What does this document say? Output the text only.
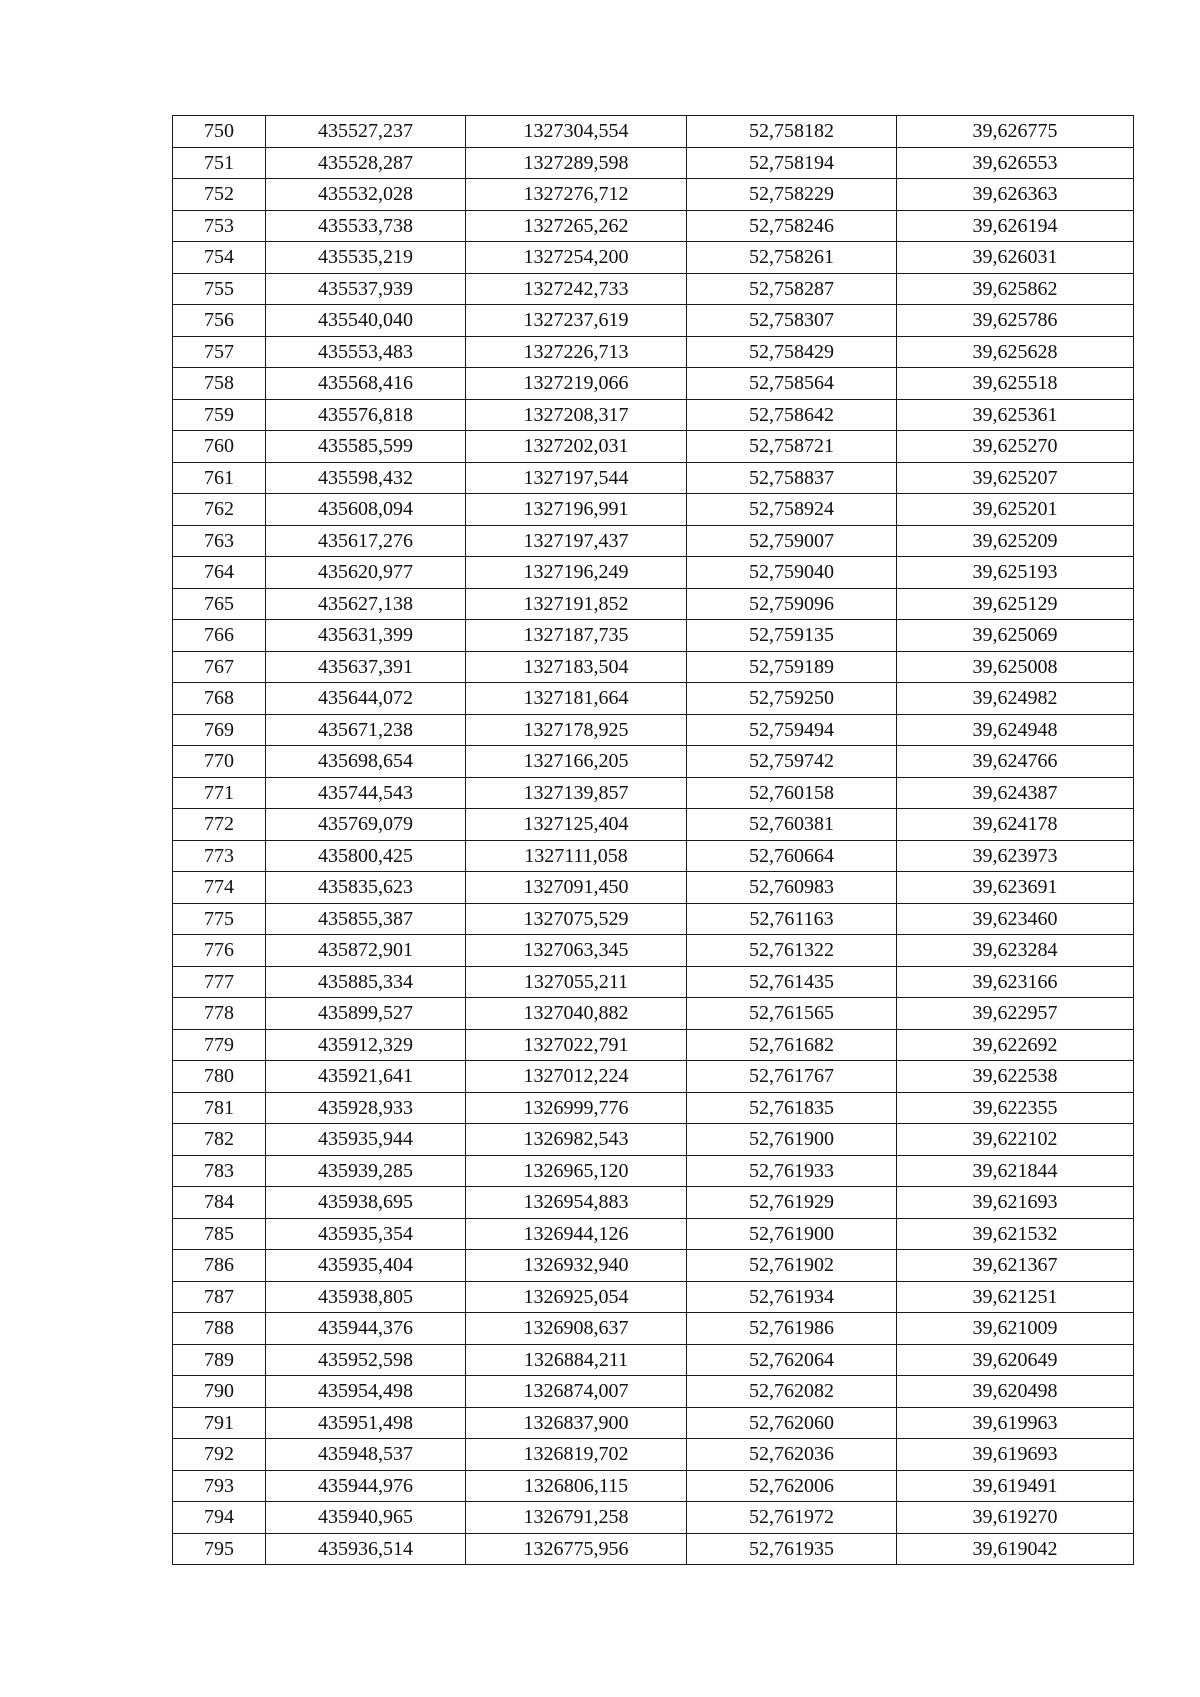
750	435527,237	1327304,554	52,758182	39,626775
751	435528,287	1327289,598	52,758194	39,626553
752	435532,028	1327276,712	52,758229	39,626363
753	435533,738	1327265,262	52,758246	39,626194
754	435535,219	1327254,200	52,758261	39,626031
755	435537,939	1327242,733	52,758287	39,625862
756	435540,040	1327237,619	52,758307	39,625786
757	435553,483	1327226,713	52,758429	39,625628
758	435568,416	1327219,066	52,758564	39,625518
759	435576,818	1327208,317	52,758642	39,625361
760	435585,599	1327202,031	52,758721	39,625270
761	435598,432	1327197,544	52,758837	39,625207
762	435608,094	1327196,991	52,758924	39,625201
763	435617,276	1327197,437	52,759007	39,625209
764	435620,977	1327196,249	52,759040	39,625193
765	435627,138	1327191,852	52,759096	39,625129
766	435631,399	1327187,735	52,759135	39,625069
767	435637,391	1327183,504	52,759189	39,625008
768	435644,072	1327181,664	52,759250	39,624982
769	435671,238	1327178,925	52,759494	39,624948
770	435698,654	1327166,205	52,759742	39,624766
771	435744,543	1327139,857	52,760158	39,624387
772	435769,079	1327125,404	52,760381	39,624178
773	435800,425	1327111,058	52,760664	39,623973
774	435835,623	1327091,450	52,760983	39,623691
775	435855,387	1327075,529	52,761163	39,623460
776	435872,901	1327063,345	52,761322	39,623284
777	435885,334	1327055,211	52,761435	39,623166
778	435899,527	1327040,882	52,761565	39,622957
779	435912,329	1327022,791	52,761682	39,622692
780	435921,641	1327012,224	52,761767	39,622538
781	435928,933	1326999,776	52,761835	39,622355
782	435935,944	1326982,543	52,761900	39,622102
783	435939,285	1326965,120	52,761933	39,621844
784	435938,695	1326954,883	52,761929	39,621693
785	435935,354	1326944,126	52,761900	39,621532
786	435935,404	1326932,940	52,761902	39,621367
787	435938,805	1326925,054	52,761934	39,621251
788	435944,376	1326908,637	52,761986	39,621009
789	435952,598	1326884,211	52,762064	39,620649
790	435954,498	1326874,007	52,762082	39,620498
791	435951,498	1326837,900	52,762060	39,619963
792	435948,537	1326819,702	52,762036	39,619693
793	435944,976	1326806,115	52,762006	39,619491
794	435940,965	1326791,258	52,761972	39,619270
795	435936,514	1326775,956	52,761935	39,619042
